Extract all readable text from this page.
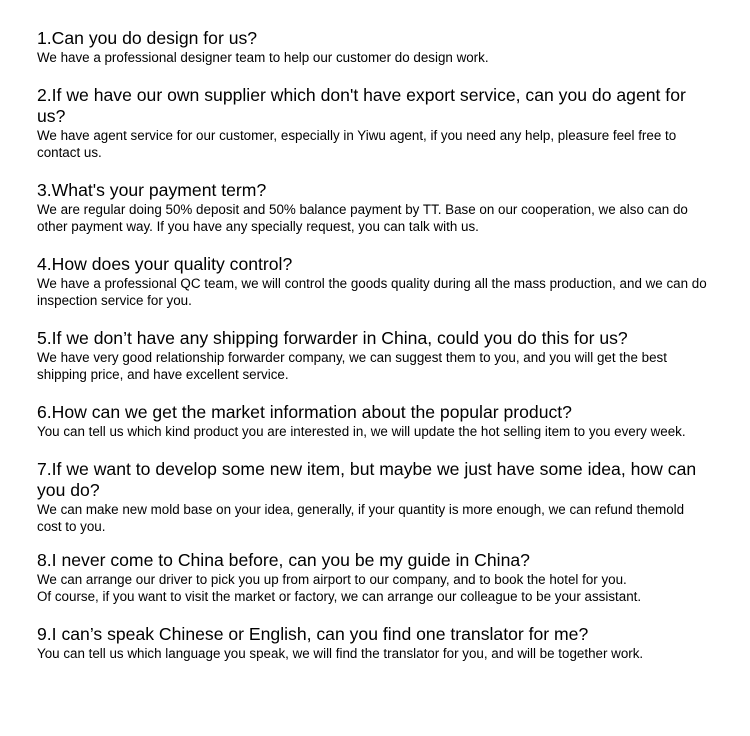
1.Can you do design for us?

We have a professional designer team to help our customer do design work.

2.If we have our own supplier which don't have export service, can you do agent for us?

We have agent service for our customer, especially in Yiwu agent, if you need any help, pleasure feel free to contact us.

3.What's your payment term?

We are regular doing 50% deposit and 50% balance payment by TT. Base on our cooperation, we also can do other payment way. If you have any specially request, you can talk with us.

4.How does your quality control?

We have a professional QC team, we will control the goods quality during all the mass production, and we can do inspection service for you.

5.If we don’t have any shipping forwarder in China, could you do this for us?

We have very good relationship forwarder company, we can suggest them to you, and you will get the best shipping price, and have excellent service.

6.How can we get the market information about the popular product?

You can tell us which kind product you are interested in, we will update the hot selling item to you every week.

7.If we want to develop some new item, but maybe we just have some idea, how can you do?

We can make new mold base on your idea, generally, if your quantity is more enough, we can refund themold cost to you.

8.I never come to China before, can you be my guide in China?

We can arrange our driver to pick you up from airport to our company, and to book the hotel for you.
Of course, if you want to visit the market or factory, we can arrange our colleague to be your assistant.

9.I can’s speak Chinese or English, can you find one translator for me?

You can tell us which language you speak, we will find the translator for you, and will be together work.
